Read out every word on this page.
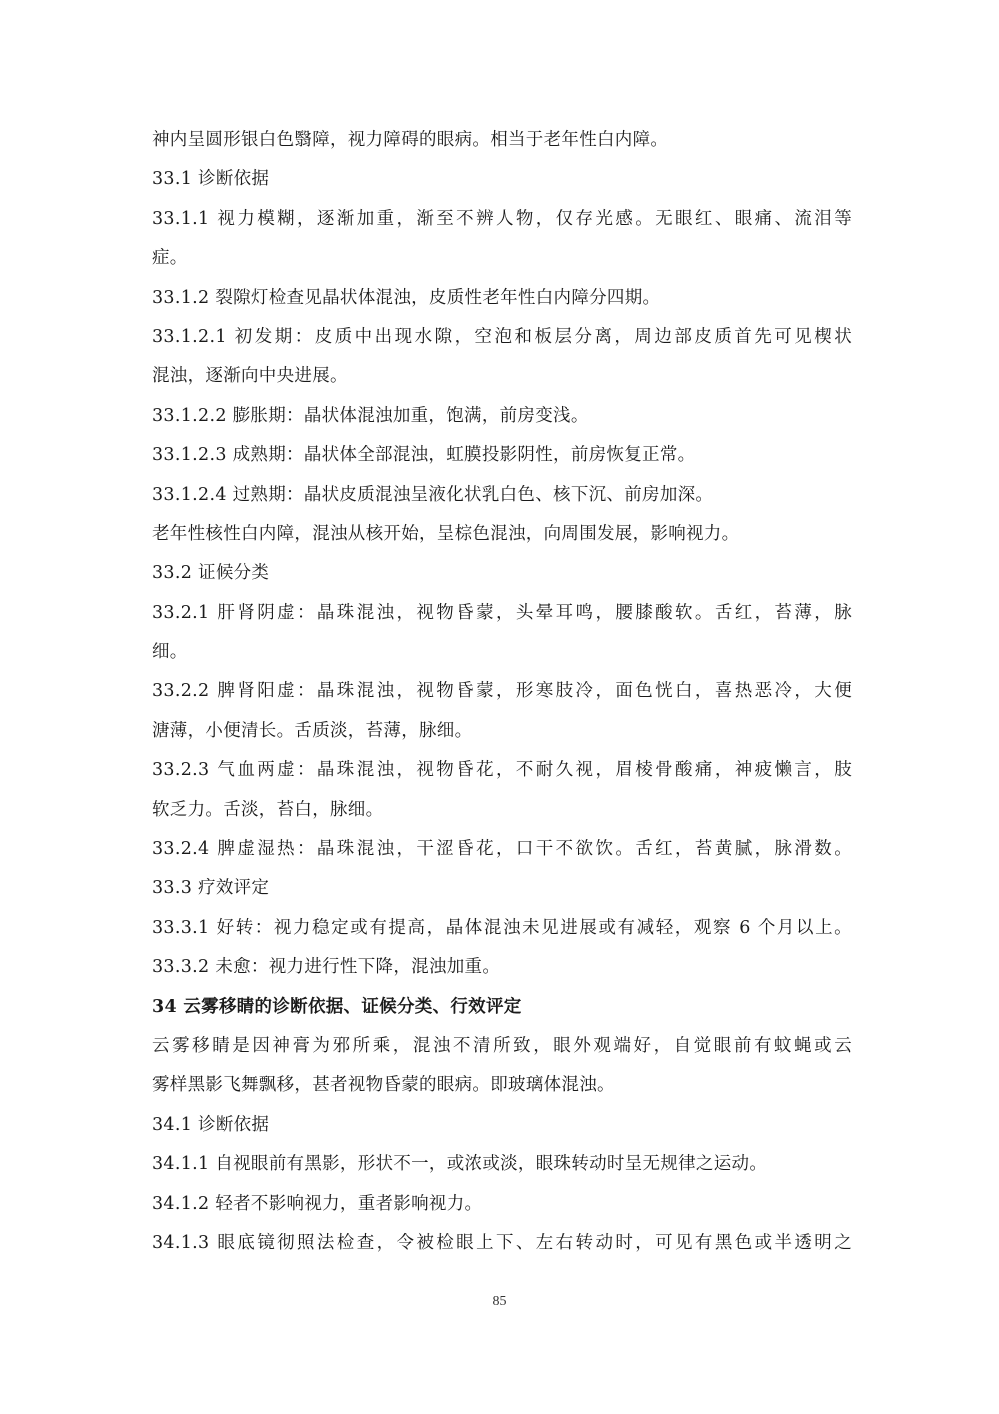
神内呈圆形银白色翳障，视力障碍的眼病。相当于老年性白内障。
33.1 诊断依据
33.1.1 视力模糊，逐渐加重，渐至不辨人物，仅存光感。无眼红、眼痛、流泪等
症。
33.1.2 裂隙灯检查见晶状体混浊，皮质性老年性白内障分四期。
33.1.2.1 初发期：皮质中出现水隙，空泡和板层分离，周边部皮质首先可见楔状
混浊，逐渐向中央进展。
33.1.2.2 膨胀期：晶状体混浊加重，饱满，前房变浅。
33.1.2.3 成熟期：晶状体全部混浊，虹膜投影阴性，前房恢复正常。
33.1.2.4 过熟期：晶状皮质混浊呈液化状乳白色、核下沉、前房加深。
老年性核性白内障，混浊从核开始，呈棕色混浊，向周围发展，影响视力。
33.2 证候分类
33.2.1 肝肾阴虚：晶珠混浊，视物昏蒙，头晕耳鸣，腰膝酸软。舌红，苔薄，脉
细。
33.2.2 脾肾阳虚：晶珠混浊，视物昏蒙，形寒肢冷，面色恍白，喜热恶冷，大便
溏薄，小便清长。舌质淡，苔薄，脉细。
33.2.3 气血两虚：晶珠混浊，视物昏花，不耐久视，眉棱骨酸痛，神疲懒言，肢
软乏力。舌淡，苔白，脉细。
33.2.4 脾虚湿热：晶珠混浊，干涩昏花，口干不欲饮。舌红，苔黄腻，脉滑数。
33.3 疗效评定
33.3.1 好转：视力稳定或有提高，晶体混浊未见进展或有减轻，观察 6 个月以上。
33.3.2 未愈：视力进行性下降，混浊加重。
34 云雾移睛的诊断依据、证候分类、行效评定
云雾移睛是因神膏为邪所乘，混浊不清所致，眼外观端好，自觉眼前有蚊蝇或云
雾样黑影飞舞飘移，甚者视物昏蒙的眼病。即玻璃体混浊。
34.1 诊断依据
34.1.1 自视眼前有黑影，形状不一，或浓或淡，眼珠转动时呈无规律之运动。
34.1.2 轻者不影响视力，重者影响视力。
34.1.3 眼底镜彻照法检查，令被检眼上下、左右转动时，可见有黑色或半透明之
85
